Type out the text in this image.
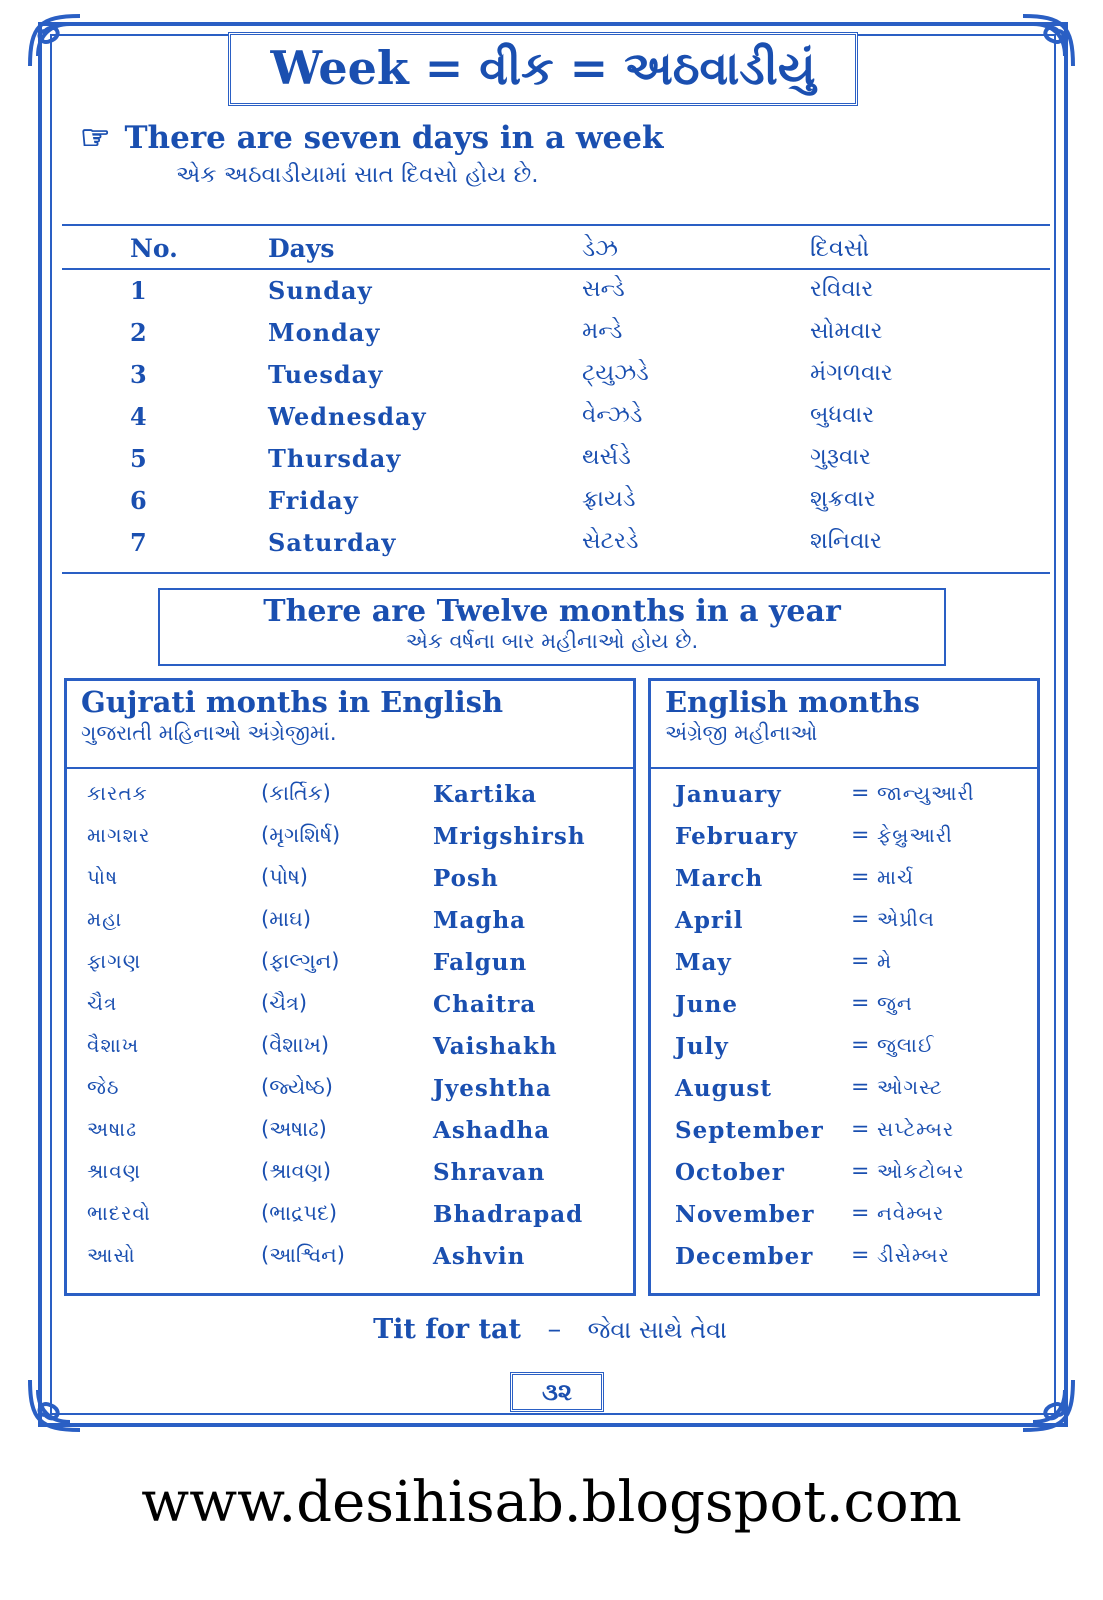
Week = વીક = અઠવાડીયું
☞ There are seven days in a week
એક અઠવાડીયામાં સાત દિવસો હોય છે.
No.	Days	ડેઝ	દિવસો
1	Sunday	સન્ડે	રવિવાર
2	Monday	મન્ડે	સોમવાર
3	Tuesday	ટ્યુઝડે	મંગળવાર
4	Wednesday	વેન્ઝડે	બુધવાર
5	Thursday	થર્સડે	ગુરૂવાર
6	Friday	ફ્રાયડે	શુક્રવાર
7	Saturday	સેટરડે	શનિવાર
There are Twelve months in a year
એક વર્ષના બાર મહીનાઓ હોય છે.
Gujrati months in English
ગુજરાતી મહિનાઓ અંગ્રેજીમાં.
કારતક	(કાર્તિક)	Kartika
માગશર	(મૃગશિર્ષ)	Mrigshirsh
પોષ	(પોષ)	Posh
મહા	(માઘ)	Magha
ફાગણ	(ફાલ્ગુન)	Falgun
ચૈત્ર	(ચૈત્ર)	Chaitra
વૈશાખ	(વૈશાખ)	Vaishakh
જેઠ	(જ્યેષ્ઠ)	Jyeshtha
અષાઢ	(અષાઢ)	Ashadha
શ્રાવણ	(શ્રાવણ)	Shravan
ભાદરવો	(ભાદ્રપદ)	Bhadrapad
આસો	(આશ્વિન)	Ashvin
English months
અંગ્રેજી મહીનાઓ
January	= જાન્યુઆરી
February = ફેબ્રુઆરી
March	= માર્ચ
April	= એપ્રીલ
May	= મે
June	= જુન
July	= જુલાઈ
August	= ઓગસ્ટ
September = સપ્ટેમ્બર
October	= ઓકટોબર
November = નવેમ્બર
December = ડીસેમ્બર
Tit for tat – જેવા સાથે તેવા
૩૨
www.desihisab.blogspot.com
